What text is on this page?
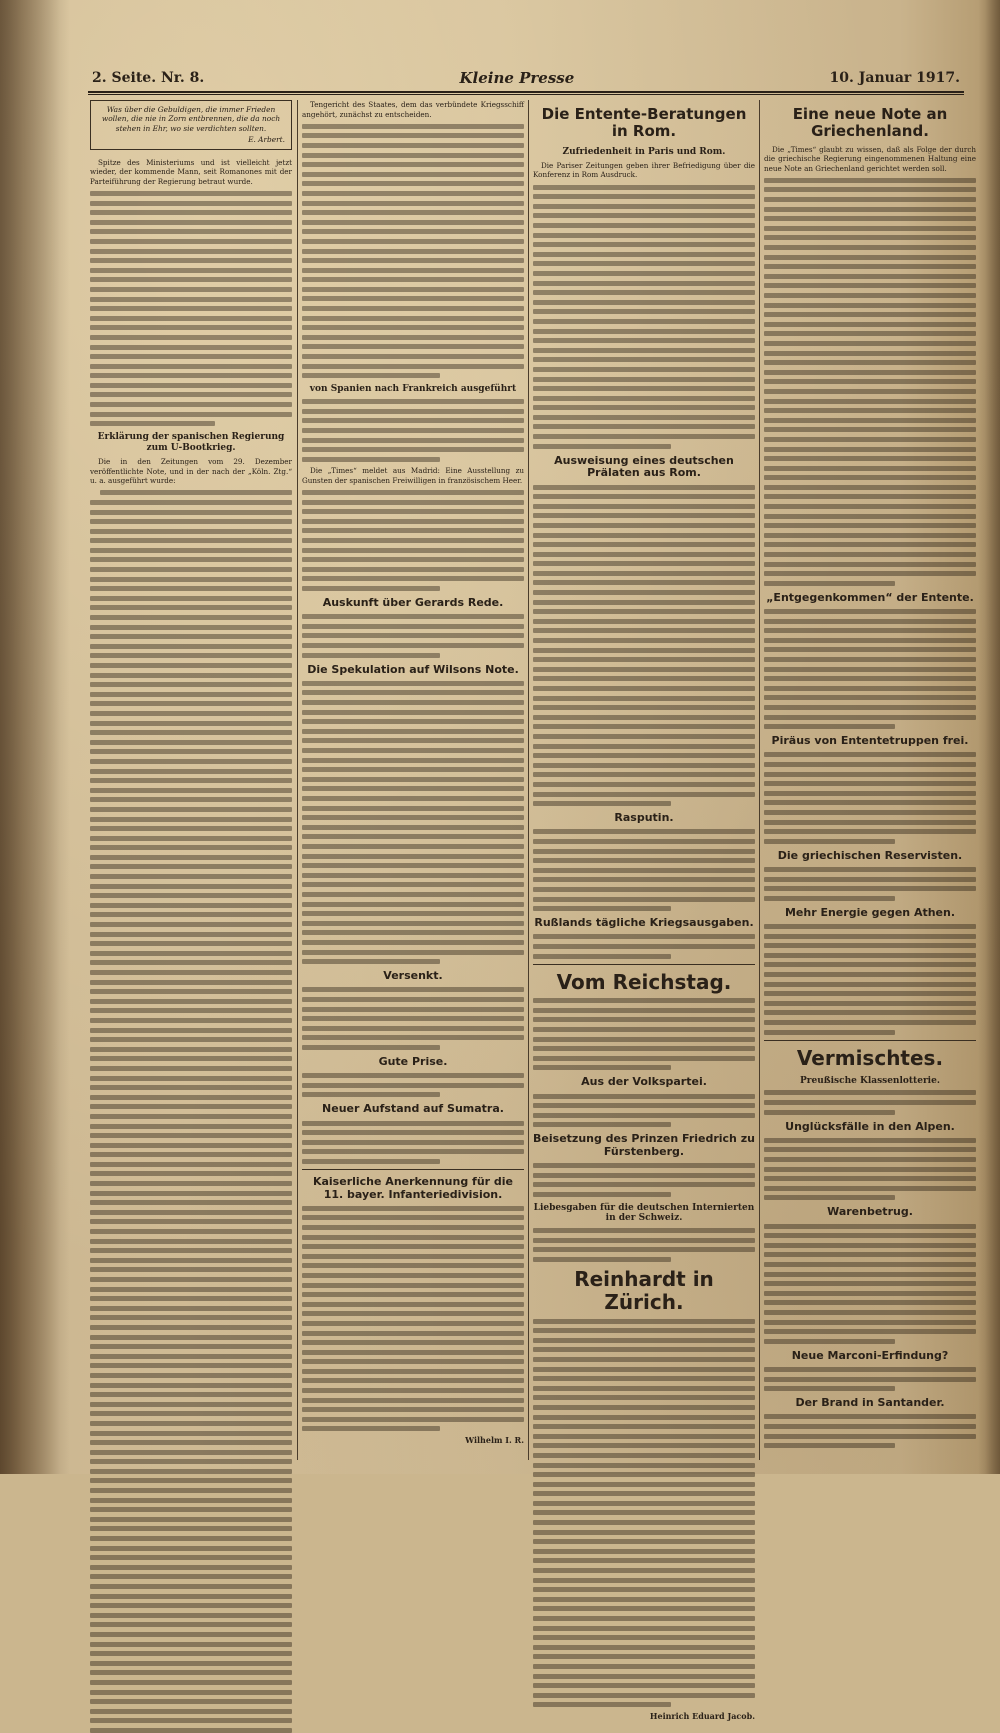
2. Seite. Nr. 8.	Kleine Presse	10. Januar 1917.
Was über die Gebuldigen, die immer Frieden wollen, die nie in Zorn entbrennen, die da noch stehen in Ehr, wo sie verdichten sollten.
E. Arbert.

Spitze des Ministeriums und ist vielleicht jetzt wieder, der kommende Mann, seit Romanones mit der Parteiführung der Regierung betraut wurde.

Erklärung der spanischen Regierung zum U-Bootkrieg.

Die in den Zeitungen vom 29. Dezember veröffentlichte Note, und in der nach der „Köln. Ztg.“ u. a. ausgeführt wurde:

Tengericht des Staates, dem das verbündete Kriegsschiff angehört, zunächst zu entscheiden.

von Spanien nach Frankreich ausgeführt

Die „Times“ meldet aus Madrid: Eine Ausstellung zu Gunsten der spanischen Freiwilligen in französischem Heer.

Auskunft über Gerards Rede.
Die Spekulation auf Wilsons Note.
Versenkt.
Gute Prise.
Neuer Aufstand auf Sumatra.
Kaiserliche Anerkennung für die 11. bayer. Infanteriedivision.
Wilhelm I. R.
Die Entente-Beratungen in Rom.
Zufriedenheit in Paris und Rom.

Die Pariser Zeitungen geben ihrer Befriedigung über die Konferenz in Rom Ausdruck.

Ausweisung eines deutschen Prälaten aus Rom.
Rasputin.
Rußlands tägliche Kriegsausgaben.
Vom Reichstag.
Aus der Volkspartei.
Beisetzung des Prinzen Friedrich zu Fürstenberg.
Liebesgaben für die deutschen Internierten in der Schweiz.
Reinhardt in Zürich.
Heinrich Eduard Jacob.
Eine neue Note an Griechenland.

Die „Times“ glaubt zu wissen, daß als Folge der durch die griechische Regierung eingenommenen Haltung eine neue Note an Griechenland gerichtet werden soll.

„Entgegenkommen“ der Entente.
Piräus von Ententetruppen frei.
Die griechischen Reservisten.
Mehr Energie gegen Athen.
Vermischtes.
Preußische Klassenlotterie.
Unglücksfälle in den Alpen.
Warenbetrug.
Neue Marconi-Erfindung?
Der Brand in Santander.
